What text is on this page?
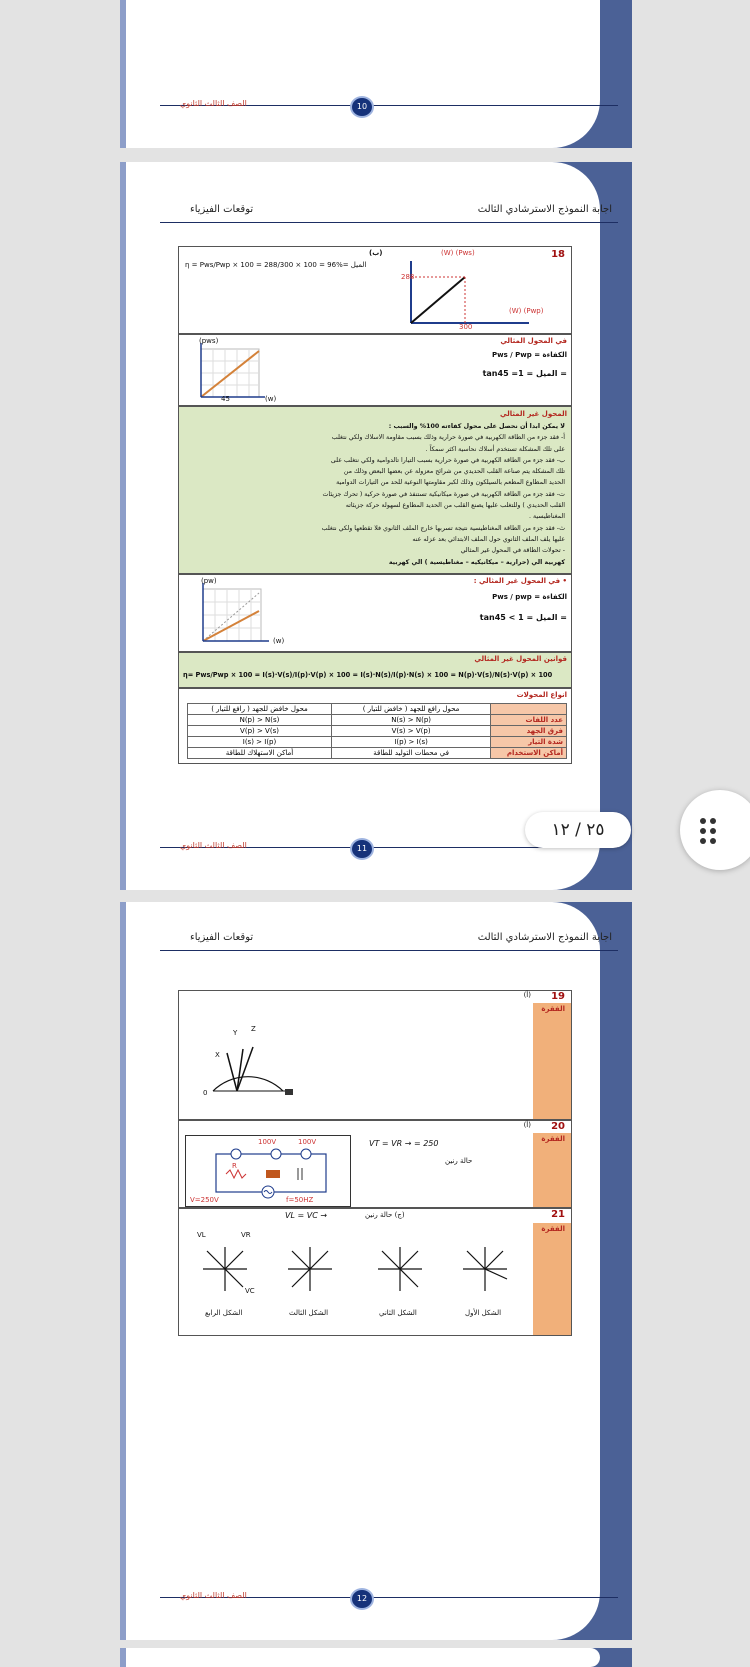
10
الصف الثالث الثانوي
اجابة النموذج الاسترشادي الثالث
توقعات الفيزياء
18
(ب)
الميل =η = Pws/Pwp × 100 = 288/300 × 100 = 96%
(Pws) (W)
(Pwp) (W)
288
300
(pws)
(w)
45
في المحول المثالي
الكفاءة = Pws / Pwp
= الميل = 1= tan45
المحول غير المثالي
لا يمكن ابدا أن نحصل على محول كفاءته 100% والسبب :
أ- فقد جزء من الطاقة الكهربية في صورة حرارية وذلك بسبب مقاومة الاسلاك ولكي نتغلب
على تلك المشكلة تستخدم أسلاك نحاسية اكثر سمكاً .
ب- فقد جزء من الطاقة الكهربية في صورة حرارية بسبب التيارا تالدوامية ولكي نتغلب على
تلك المشكلة يتم صناعة القلب الحديدي من شرائح معزولة عن بعضها البعض وذلك من
الحديد المطاوع المطعم بالسيلكون وذلك لكبر مقاومتها النوعية للحد من التيارات الدوامية
ت- فقد جزء من الطاقة الكهربية في صورة ميكانيكية تستنفذ في صورة حركية ( تحرك جزيئات
القلب الحديدي ) وللتغلب عليها يصنع القلب من الحديد المطاوع لسهولة حركة جزيئاته
المغناطيسية .
ث- فقد جزء من الطاقة المغناطيسية نتيجة تسربها خارج الملف الثانوي فلا تقطعها ولكي نتغلب
عليها يلف الملف الثانوي حول الملف الابتدائي بعد عزله عنه
- تحولات الطاقة في المحول غير المثالي
كهربية الي (حرارية – ميكانيكيه – مغناطيسية ) الي كهربية
(pw)
(w)
• في المحول غير المثالي :
الكفاءة = Pws / pwp
= الميل = 1 > tan45
قوانين المحول غير المثالي
η= Pws/Pwp × 100 = I(s)·V(s)/I(p)·V(p) × 100 = I(s)·N(s)/I(p)·N(s) × 100 = N(p)·V(s)/N(s)·V(p) × 100
انواع المحولات
محول خافض للجهد ( رافع للتيار )	محول رافع للجهد ( خافض للتيار )	
N(p) > N(s)	N(s) > N(p)	عدد اللفات
V(p) > V(s)	V(s) > V(p)	فرق الجهد
I(s) > I(p)	I(p) > I(s)	شدة التيار
أماكن الاستهلاك للطاقة	في محطات التوليد للطاقة	أماكن الاستخدام
11
الصف الثالث الثانوي
اجابة النموذج الاسترشادي الثالث
توقعات الفيزياء
الفقرة
19
(أ)
X
Y Z
0
الفقرة
20
(أ)
100V	100V
R
V=250V	f=50HZ
VT = VR → = 250
حالة رنين
الفقرة
21
(ج) حالة رنين
VL = VC →
VL	VR
VC
الشكل الرابع	الشكل الثالث	الشكل الثاني	الشكل الأول
12
الصف الثالث الثانوي
٢٥ / ١٢
